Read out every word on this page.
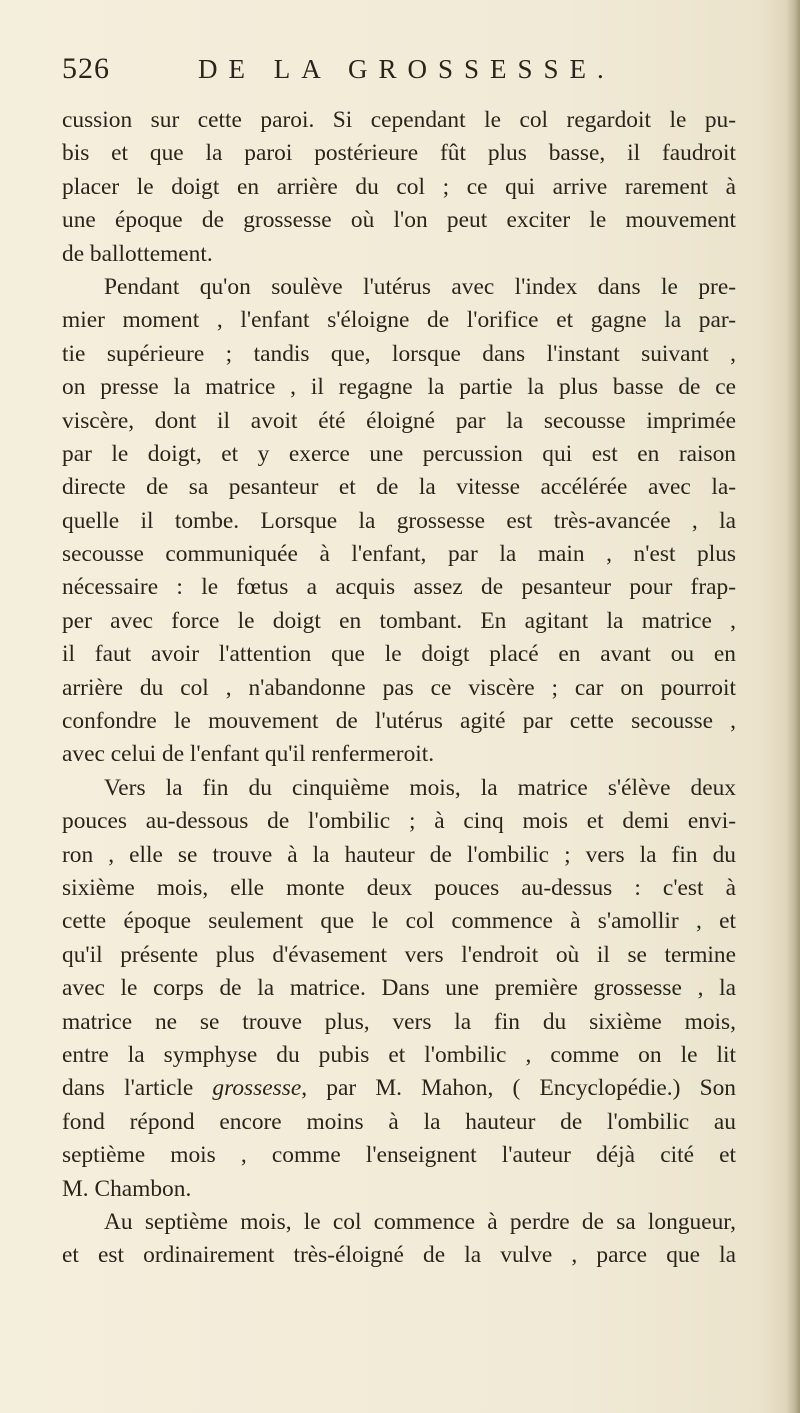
526	DE LA GROSSESSE.
cussion sur cette paroi. Si cependant le col regardoit le pu-
bis et que la paroi postérieure fût plus basse, il faudroit
placer le doigt en arrière du col ; ce qui arrive rarement à
une époque de grossesse où l'on peut exciter le mouvement
de ballottement.
Pendant qu'on soulève l'utérus avec l'index dans le pre-
mier moment , l'enfant s'éloigne de l'orifice et gagne la par-
tie supérieure ; tandis que, lorsque dans l'instant suivant ,
on presse la matrice , il regagne la partie la plus basse de ce
viscère, dont il avoit été éloigné par la secousse imprimée
par le doigt, et y exerce une percussion qui est en raison
directe de sa pesanteur et de la vitesse accélérée avec la-
quelle il tombe. Lorsque la grossesse est très-avancée , la
secousse communiquée à l'enfant, par la main , n'est plus
nécessaire : le fœtus a acquis assez de pesanteur pour frap-
per avec force le doigt en tombant. En agitant la matrice ,
il faut avoir l'attention que le doigt placé en avant ou en
arrière du col , n'abandonne pas ce viscère ; car on pourroit
confondre le mouvement de l'utérus agité par cette secousse ,
avec celui de l'enfant qu'il renfermeroit.
Vers la fin du cinquième mois, la matrice s'élève deux
pouces au-dessous de l'ombilic ; à cinq mois et demi envi-
ron , elle se trouve à la hauteur de l'ombilic ; vers la fin du
sixième mois, elle monte deux pouces au-dessus : c'est à
cette époque seulement que le col commence à s'amollir , et
qu'il présente plus d'évasement vers l'endroit où il se termine
avec le corps de la matrice. Dans une première grossesse , la
matrice ne se trouve plus, vers la fin du sixième mois,
entre la symphyse du pubis et l'ombilic , comme on le lit
dans l'article grossesse, par M. Mahon, ( Encyclopédie.) Son
fond répond encore moins à la hauteur de l'ombilic au
septième mois , comme l'enseignent l'auteur déjà cité et
M. Chambon.
Au septième mois, le col commence à perdre de sa longueur,
et est ordinairement très-éloigné de la vulve , parce que la
